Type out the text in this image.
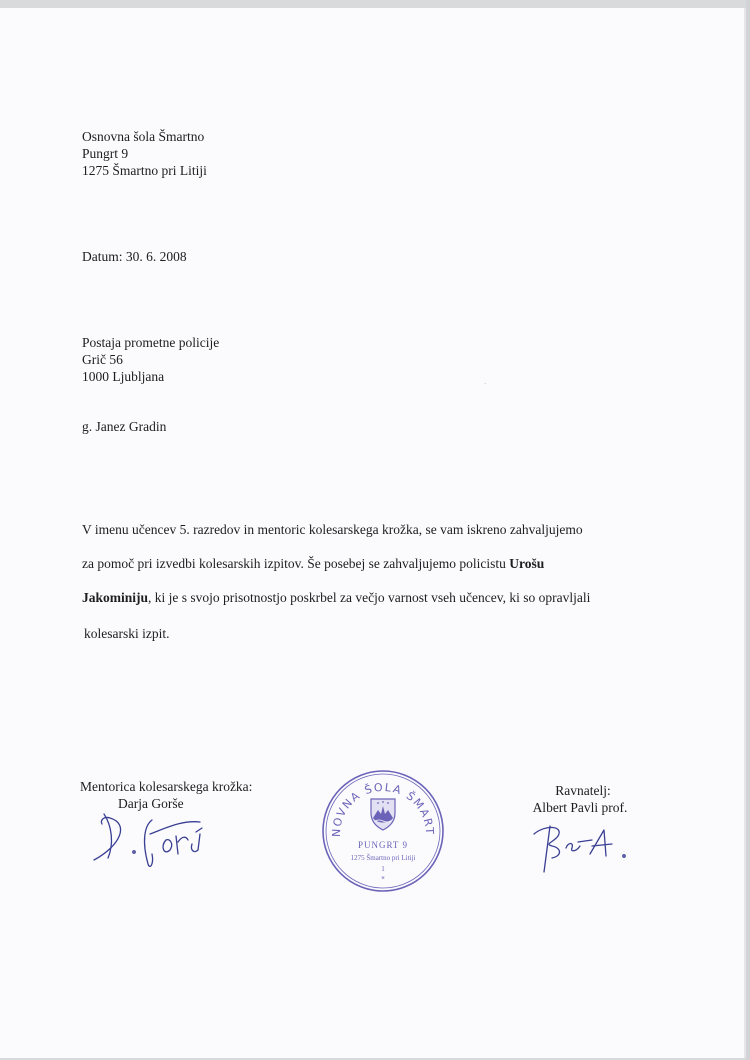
Osnovna šola Šmartno
Pungrt 9
1275 Šmartno pri Litiji
Datum: 30. 6. 2008
Postaja prometne policije
Grič 56
1000 Ljubljana
g. Janez Gradin
·
V imenu učencev 5. razredov in mentoric kolesarskega krožka, se vam iskreno zahvaljujemo
za pomoč pri izvedbi kolesarskih izpitov. Še posebej se zahvaljujemo policistu Urošu
Jakominiju, ki je s svojo prisotnostjo poskrbel za večjo varnost vseh učencev, ki so opravljali
kolesarski izpit.
Mentorica kolesarskega krožka:
Darja Gorše
NOVNA ŠOLA ŠMART
PUNGRT 9
1275 Šmartno pri Litiji
1
*
Ravnatelj:
Albert Pavli prof.
